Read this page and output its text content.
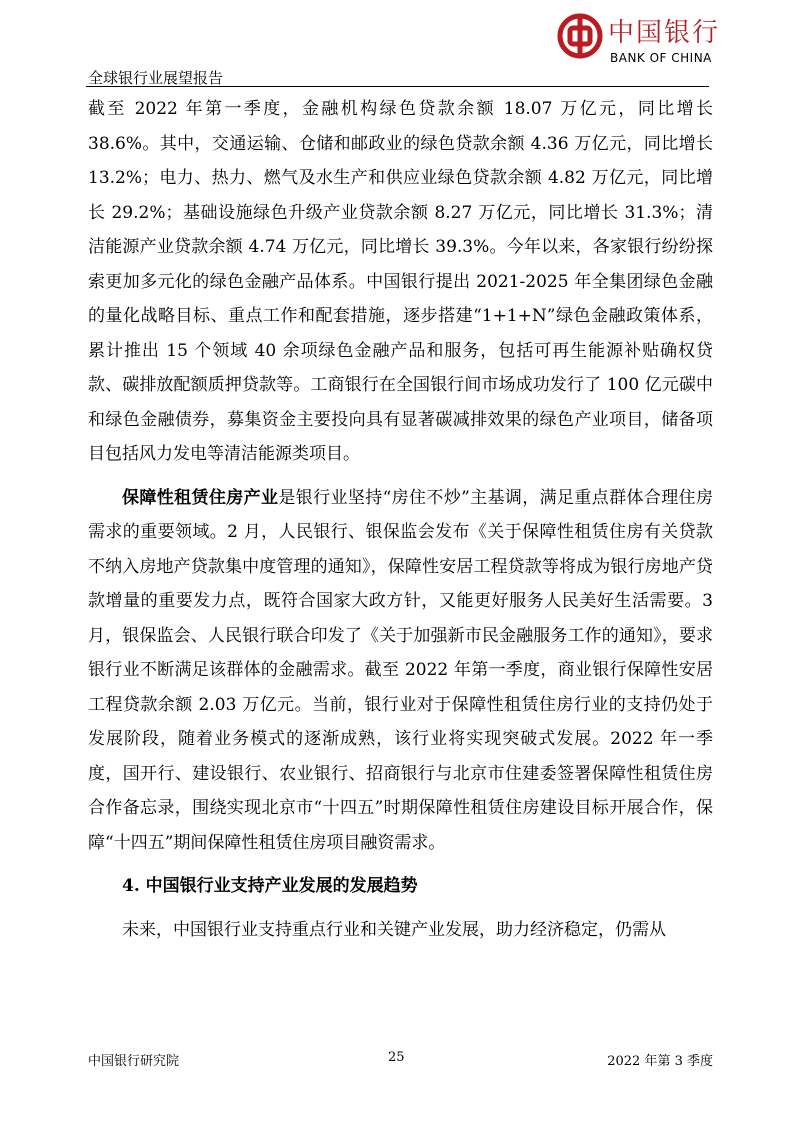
全球银行业展望报告
中国银行
BANK OF CHINA

截至 2022 年第一季度，金融机构绿色贷款余额 18.07 万亿元，同比增长 38.6%。其中，交通运输、仓储和邮政业的绿色贷款余额 4.36 万亿元，同比增长 13.2%；电力、热力、燃气及水生产和供应业绿色贷款余额 4.82 万亿元，同比增长 29.2%；基础设施绿色升级产业贷款余额 8.27 万亿元，同比增长 31.3%；清洁能源产业贷款余额 4.74 万亿元，同比增长 39.3%。今年以来，各家银行纷纷探索更加多元化的绿色金融产品体系。中国银行提出 2021-2025 年全集团绿色金融的量化战略目标、重点工作和配套措施，逐步搭建“1+1+N”绿色金融政策体系，累计推出 15 个领域 40 余项绿色金融产品和服务，包括可再生能源补贴确权贷款、碳排放配额质押贷款等。工商银行在全国银行间市场成功发行了 100 亿元碳中和绿色金融债券，募集资金主要投向具有显著碳减排效果的绿色产业项目，储备项目包括风力发电等清洁能源类项目。

保障性租赁住房产业是银行业坚持“房住不炒”主基调，满足重点群体合理住房需求的重要领域。2 月，人民银行、银保监会发布《关于保障性租赁住房有关贷款不纳入房地产贷款集中度管理的通知》，保障性安居工程贷款等将成为银行房地产贷款增量的重要发力点，既符合国家大政方针，又能更好服务人民美好生活需要。3 月，银保监会、人民银行联合印发了《关于加强新市民金融服务工作的通知》，要求银行业不断满足该群体的金融需求。截至 2022 年第一季度，商业银行保障性安居工程贷款余额 2.03 万亿元。当前，银行业对于保障性租赁住房行业的支持仍处于发展阶段，随着业务模式的逐渐成熟，该行业将实现突破式发展。2022 年一季度，国开行、建设银行、农业银行、招商银行与北京市住建委签署保障性租赁住房合作备忘录，围绕实现北京市“十四五”时期保障性租赁住房建设目标开展合作，保障“十四五”期间保障性租赁住房项目融资需求。

4. 中国银行业支持产业发展的发展趋势

未来，中国银行业支持重点行业和关键产业发展，助力经济稳定，仍需从

中国银行研究院	25	2022 年第 3 季度
